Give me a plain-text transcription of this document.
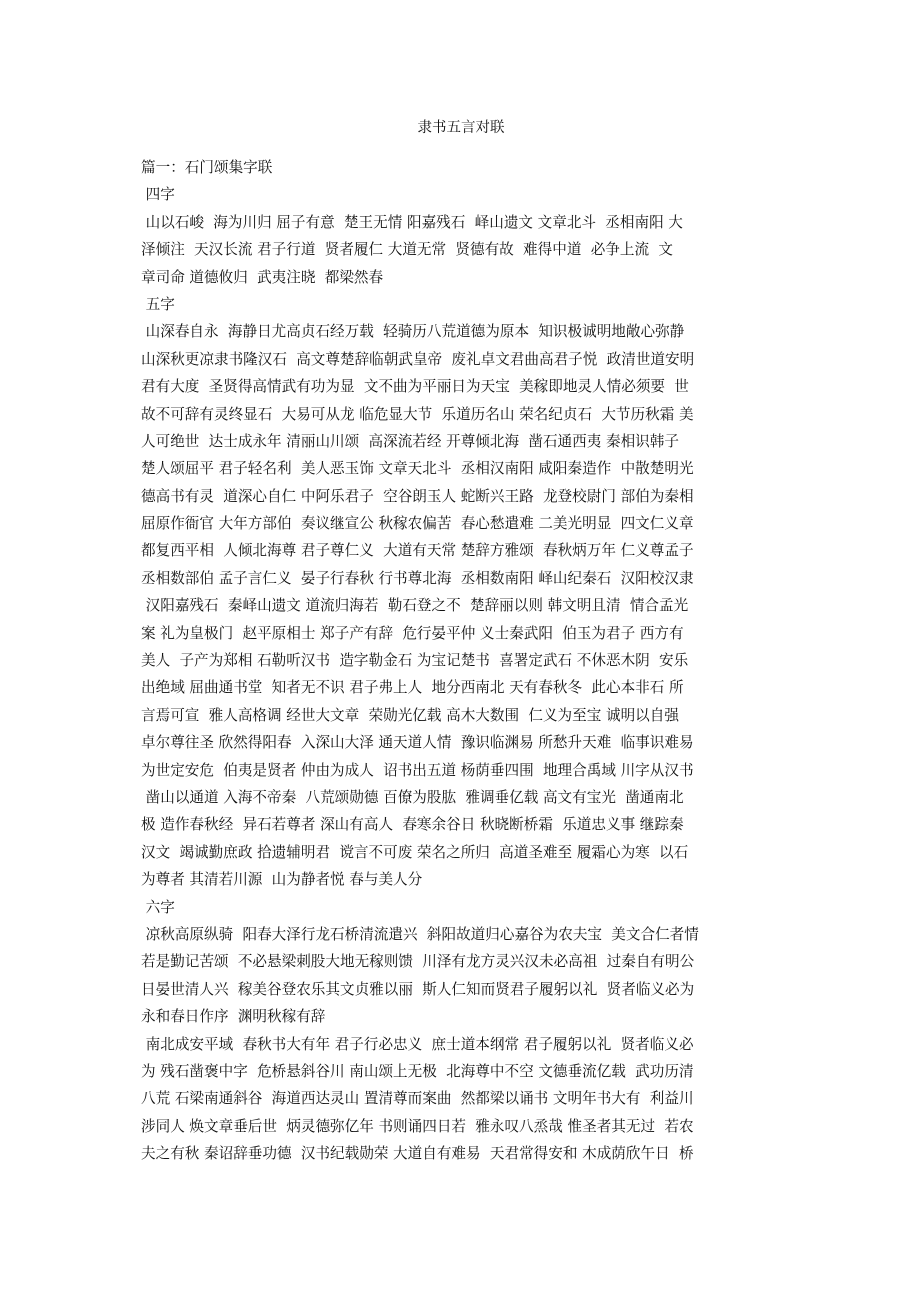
隶书五言对联
篇一：石门颂集字联
四字
山以石峻  海为川归 屈子有意  楚王无情 阳嘉残石  峄山遗文 文章北斗  丞相南阳 大
泽倾注  天汉长流 君子行道  贤者履仁 大道无常  贤德有故  难得中道  必争上流  文
章司命 道德攸归  武夷注晓  都梁然春
五字
山深春自永  海静日尤高贞石经万载  轻骑历八荒道德为原本  知识极诚明地敞心弥静
山深秋更凉隶书隆汉石  高文尊楚辞临朝武皇帝  废礼卓文君曲高君子悦  政清世道安明
君有大度  圣贤得高情武有功为显  文不曲为平丽日为天宝  美稼即地灵人情必须要  世
故不可辞有灵终显石  大易可从龙 临危显大节  乐道历名山 荣名纪贞石  大节历秋霜 美
人可绝世  达士成永年 清丽山川颂  高深流若经 开尊倾北海  凿石通西夷 秦相识韩子
楚人颂屈平 君子轻名利  美人恶玉饰 文章天北斗  丞相汉南阳 咸阳秦造作  中散楚明光
德高书有灵  道深心自仁 中阿乐君子  空谷朗玉人 蛇断兴王路  龙登校尉门 部伯为秦相
屈原作衙官 大年方部伯  奏议继宣公 秋稼农偏苦  春心愁遣难 二美光明显  四文仁义章
都复西平相  人倾北海尊 君子尊仁义  大道有天常 楚辞方雅颂  春秋炳万年 仁义尊孟子
丞相数部伯 孟子言仁义  晏子行春秋 行书尊北海  丞相数南阳 峄山纪秦石  汉阳校汉隶
汉阳嘉残石  秦峄山遗文 道流归海若  勒石登之不  楚辞丽以则 韩文明且清  情合孟光
案 礼为皇极门  赵平原相士 郑子产有辞  危行晏平仲 义士秦武阳  伯玉为君子 西方有
美人  子产为郑相 石勒听汉书  造字勒金石 为宝记楚书  喜署定武石 不休恶木阴  安乐
出绝域 屈曲通书堂  知者无不识 君子弗上人  地分西南北 天有春秋冬  此心本非石 所
言焉可宣  雅人高格调 经世大文章  荣勋光亿载 高木大数围  仁义为至宝 诚明以自强
卓尔尊往圣 欣然得阳春  入深山大泽 通天道人情  豫识临渊易 所愁升天难  临事识难易
为世定安危  伯夷是贤者 仲由为成人  诏书出五道 杨荫垂四围  地理合禹域 川字从汉书
凿山以通道 入海不帝秦  八荒颂勋德 百僚为股肱  雅调垂亿载 高文有宝光  凿通南北
极 造作春秋经  异石若尊者 深山有高人  春寒余谷日 秋晓断桥霜  乐道忠义事 继踪秦
汉文  竭诚勤庶政 拾遗辅明君  谠言不可废 荣名之所归  高道圣难至 履霜心为寒  以石
为尊者 其清若川源  山为静者悦 春与美人分
六字
凉秋高原纵骑  阳春大泽行龙石桥清流遣兴  斜阳故道归心嘉谷为农夫宝  美文合仁者情
若是勤记苦颂  不必悬梁刺股大地无稼则馈  川泽有龙方灵兴汉未必高祖  过秦自有明公
日晏世清人兴  稼美谷登农乐其文贞雅以丽  斯人仁知而贤君子履躬以礼  贤者临义必为
永和春日作序  渊明秋稼有辞
南北成安平域  春秋书大有年 君子行必忠义  庶士道本纲常 君子履躬以礼  贤者临义必
为 残石凿褒中字  危桥悬斜谷川 南山颂上无极  北海尊中不空 文德垂流亿载  武功历清
八荒 石梁南通斜谷  海道西达灵山 置清尊而案曲  然都梁以诵书 文明年书大有  利益川
涉同人 焕文章垂后世  炳灵德弥亿年 书则诵四日若  雅永叹八烝哉 惟圣者其无过  若农
夫之有秋 秦诏辞垂功德  汉书纪载勋荣 大道自有难易  天君常得安和 木成荫欣午日  桥
